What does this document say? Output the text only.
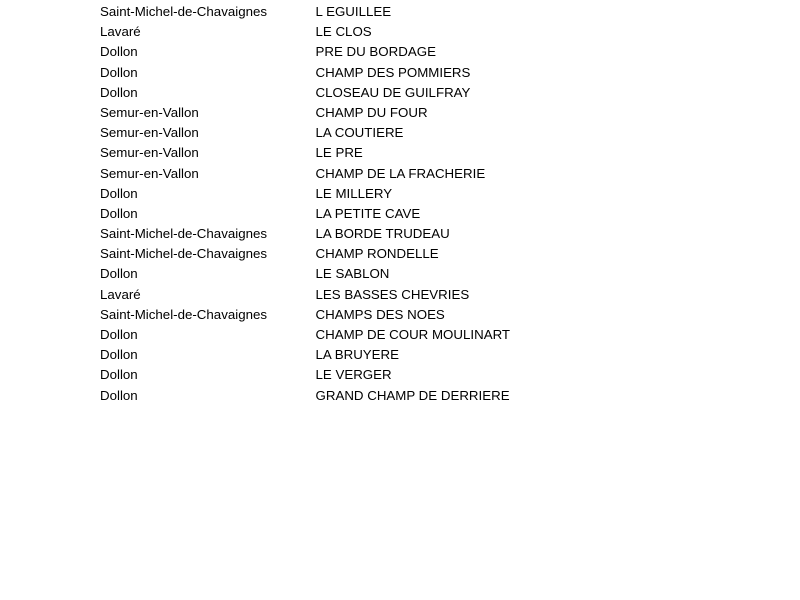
Saint-Michel-de-Chavaignes	L EGUILLEE
Lavaré	LE CLOS
Dollon	PRE DU BORDAGE
Dollon	CHAMP DES POMMIERS
Dollon	CLOSEAU DE GUILFRAY
Semur-en-Vallon	CHAMP DU FOUR
Semur-en-Vallon	LA COUTIERE
Semur-en-Vallon	LE PRE
Semur-en-Vallon	CHAMP DE LA FRACHERIE
Dollon	LE MILLERY
Dollon	LA PETITE CAVE
Saint-Michel-de-Chavaignes	LA BORDE TRUDEAU
Saint-Michel-de-Chavaignes	CHAMP RONDELLE
Dollon	LE SABLON
Lavaré	LES BASSES CHEVRIES
Saint-Michel-de-Chavaignes	CHAMPS DES NOES
Dollon	CHAMP DE COUR MOULINART
Dollon	LA BRUYERE
Dollon	LE VERGER
Dollon	GRAND CHAMP DE DERRIERE
